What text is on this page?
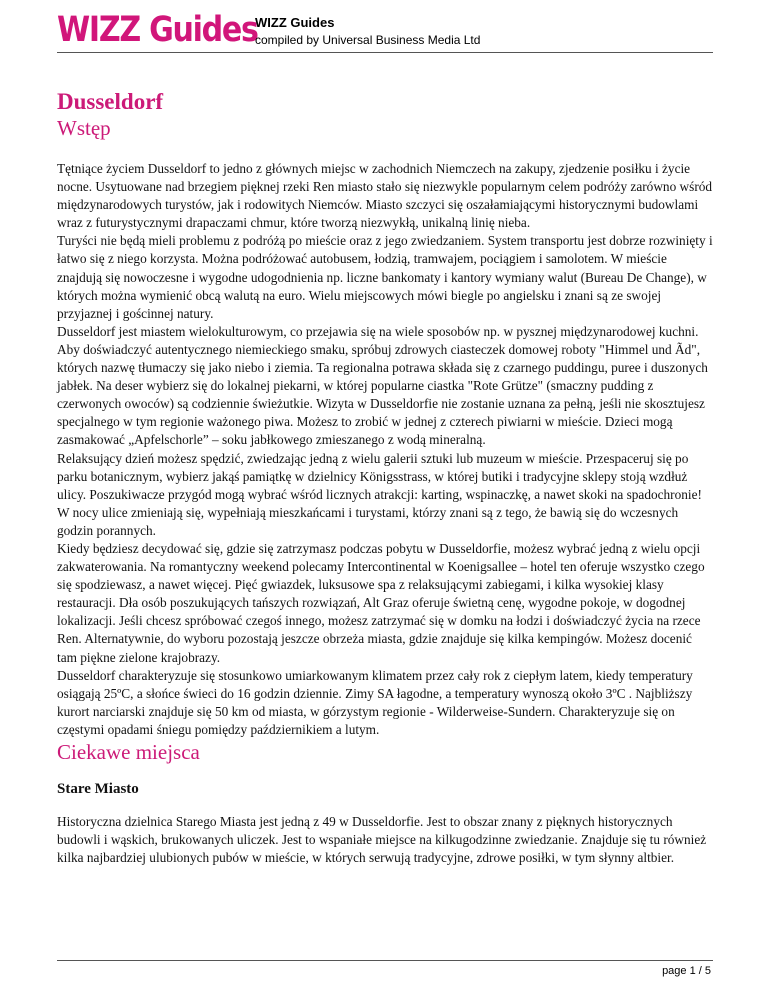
WIZZ Guides
WIZZ Guides
compiled by Universal Business Media Ltd
Dusseldorf
Wstęp

Tętniące życiem Dusseldorf to jedno z głównych miejsc w zachodnich Niemczech na zakupy, zjedzenie posiłku i życie nocne. Usytuowane nad brzegiem pięknej rzeki Ren miasto stało się niezwykle popularnym celem podróży zarówno wśród międzynarodowych turystów, jak i rodowitych Niemców. Miasto szczyci się oszałamiającymi historycznymi budowlami wraz z futurystycznymi drapaczami chmur, które tworzą niezwykłą, unikalną linię nieba.

Turyści nie będą mieli problemu z podróżą po mieście oraz z jego zwiedzaniem. System transportu jest dobrze rozwinięty i łatwo się z niego korzysta. Można podróżować autobusem, łodzią, tramwajem, pociągiem i samolotem. W mieście znajdują się nowoczesne i wygodne udogodnienia np. liczne bankomaty i kantory wymiany walut (Bureau De Change), w których można wymienić obcą walutą na euro. Wielu miejscowych mówi biegle po angielsku i znani są ze swojej przyjaznej i gościnnej natury.

Dusseldorf jest miastem wielokulturowym, co przejawia się na wiele sposobów np. w pysznej międzynarodowej kuchni. Aby doświadczyć autentycznego niemieckiego smaku, spróbuj zdrowych ciasteczek domowej roboty "Himmel und Ãd", których nazwę tłumaczy się jako niebo i ziemia. Ta regionalna potrawa składa się z czarnego puddingu, puree i duszonych jabłek. Na deser wybierz się do lokalnej piekarni, w której popularne ciastka "Rote Grütze" (smaczny pudding z czerwonych owoców) są codziennie świeżutkie. Wizyta w Dusseldorfie nie zostanie uznana za pełną, jeśli nie skosztujesz specjalnego w tym regionie ważonego piwa. Możesz to zrobić w jednej z czterech piwiarni w mieście. Dzieci mogą zasmakować „Apfelschorle” – soku jabłkowego zmieszanego z wodą mineralną.

Relaksujący dzień możesz spędzić, zwiedzając jedną z wielu galerii sztuki lub muzeum w mieście. Przespaceruj się po parku botanicznym, wybierz jakąś pamiątkę w dzielnicy Königsstrass, w której butiki i tradycyjne sklepy stoją wzdłuż ulicy. Poszukiwacze przygód mogą wybrać wśród licznych atrakcji: karting, wspinaczkę, a nawet skoki na spadochronie! W nocy ulice zmieniają się, wypełniają mieszkańcami i turystami, którzy znani są z tego, że bawią się do wczesnych godzin porannych.

Kiedy będziesz decydować się, gdzie się zatrzymasz podczas pobytu w Dusseldorfie, możesz wybrać jedną z wielu opcji zakwaterowania. Na romantyczny weekend polecamy Intercontinental w Koenigsallee – hotel ten oferuje wszystko czego się spodziewasz, a nawet więcej. Pięć gwiazdek, luksusowe spa z relaksującymi zabiegami, i kilka wysokiej klasy restauracji. Dła osób poszukujących tańszych rozwiązań, Alt Graz oferuje świetną cenę, wygodne pokoje, w dogodnej lokalizacji. Jeśli chcesz spróbować czegoś innego, możesz zatrzymać się w domku na łodzi i doświadczyć życia na rzece Ren. Alternatywnie, do wyboru pozostają jeszcze obrzeża miasta, gdzie znajduje się kilka kempingów. Możesz docenić tam piękne zielone krajobrazy.

Dusseldorf charakteryzuje się stosunkowo umiarkowanym klimatem przez cały rok z ciepłym latem, kiedy temperatury osiągają 25ºC, a słońce świeci do 16 godzin dziennie. Zimy SA łagodne, a temperatury wynoszą około 3ºC . Najbliższy kurort narciarski znajduje się 50 km od miasta, w górzystym regionie - Wilderweise-Sundern. Charakteryzuje się on częstymi opadami śniegu pomiędzy październikiem a lutym.

Ciekawe miejsca
Stare Miasto

Historyczna dzielnica Starego Miasta jest jedną z 49 w Dusseldorfie. Jest to obszar znany z pięknych historycznych budowli i wąskich, brukowanych uliczek. Jest to wspaniałe miejsce na kilkugodzinne zwiedzanie. Znajduje się tu również kilka najbardziej ulubionych pubów w mieście, w których serwują tradycyjne, zdrowe posiłki, w tym słynny altbier.

page 1 / 5
